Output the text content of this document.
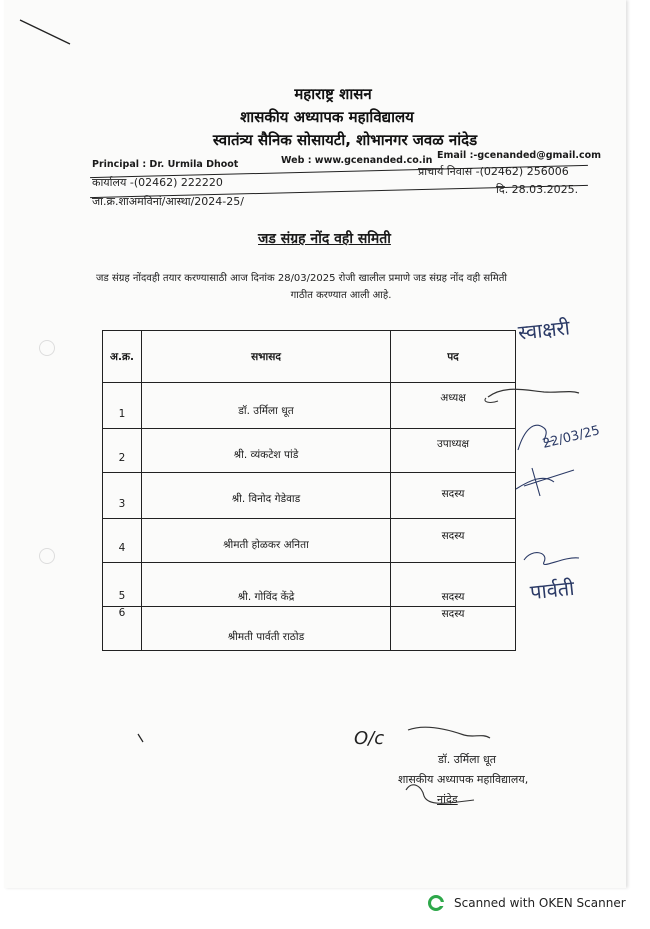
महाराष्ट्र शासन
शासकीय अध्यापक महाविद्यालय
स्वातंत्र्य सैनिक सोसायटी, शोभानगर जवळ नांदेड
Principal : Dr. Urmila Dhoot	Web : www.gcenanded.co.in Email :-gcenanded@gmail.com
कार्यालय -(02462) 222220
प्राचार्य निवास -(02462) 256006
जा.क्र.शाअमविनां/आस्था/2024-25/
दि. 28.03.2025.
जड संग्रह नोंद वही समिती
जड संग्रह नोंदवही तयार करण्यासाठी आज दिनांक 28/03/2025 रोजी खालील प्रमाणे जड संग्रह नोंद वही समिती
गाठीत करण्यात आली आहे.
अ.क्र.	सभासद	पद
1	डॉ. उर्मिला धूत	अध्यक्ष
2	श्री. व्यंकटेश पांडे	उपाध्यक्ष
3	श्री. विनोद गेडेवाड	सदस्य
4	श्रीमती होळकर अनिता	सदस्य
5	श्री. गोविंद केंद्रे	सदस्य
6	श्रीमती पार्वती राठोड	सदस्य
स्वाक्षरी
22/03/25
पार्वती
O/c
डॉ. उर्मिला धूत
शासकीय अध्यापक महाविद्यालय,
नांदेड
Scanned with OKEN Scanner
